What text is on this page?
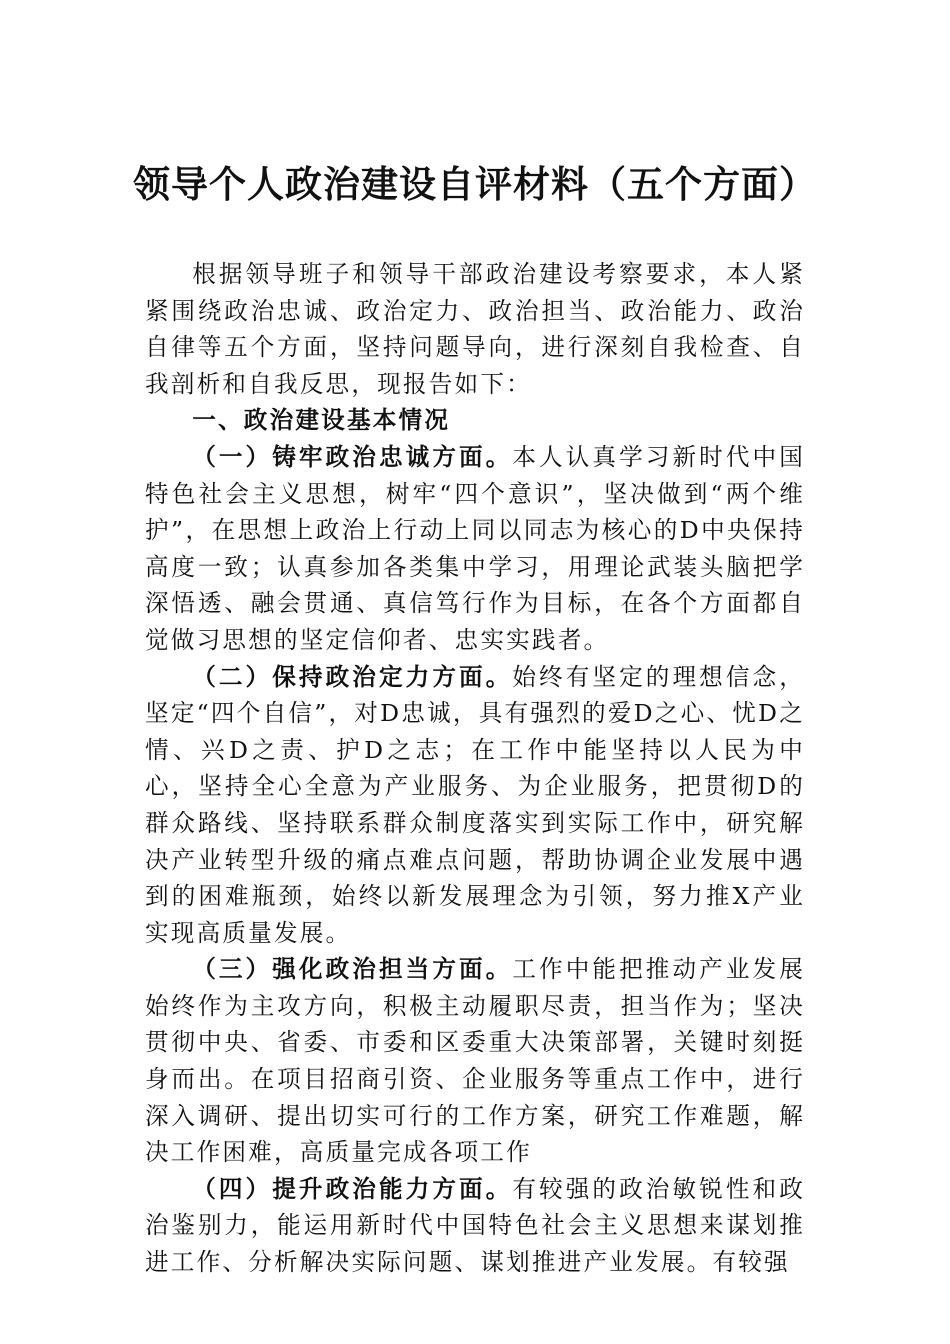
领导个人政治建设自评材料（五个方面）

根据领导班子和领导干部政治建设考察要求，本人紧紧围绕政治忠诚、政治定力、政治担当、政治能力、政治自律等五个方面，坚持问题导向，进行深刻自我检查、自我剖析和自我反思，现报告如下：

一、政治建设基本情况

（一）铸牢政治忠诚方面。本人认真学习新时代中国特色社会主义思想，树牢“四个意识”，坚决做到“两个维护”，在思想上政治上行动上同以同志为核心的D中央保持高度一致；认真参加各类集中学习，用理论武装头脑把学深悟透、融会贯通、真信笃行作为目标，在各个方面都自觉做习思想的坚定信仰者、忠实实践者。

（二）保持政治定力方面。始终有坚定的理想信念，坚定“四个自信”，对D忠诚，具有强烈的爱D之心、忧D之情、兴D之责、护D之志；在工作中能坚持以人民为中心，坚持全心全意为产业服务、为企业服务，把贯彻D的群众路线、坚持联系群众制度落实到实际工作中，研究解决产业转型升级的痛点难点问题，帮助协调企业发展中遇到的困难瓶颈，始终以新发展理念为引领，努力推X产业实现高质量发展。

（三）强化政治担当方面。工作中能把推动产业发展始终作为主攻方向，积极主动履职尽责，担当作为；坚决贯彻中央、省委、市委和区委重大决策部署，关键时刻挺身而出。在项目招商引资、企业服务等重点工作中，进行深入调研、提出切实可行的工作方案，研究工作难题，解决工作困难，高质量完成各项工作

（四）提升政治能力方面。有较强的政治敏锐性和政治鉴别力，能运用新时代中国特色社会主义思想来谋划推进工作、分析解决实际问题、谋划推进产业发展。有较强
